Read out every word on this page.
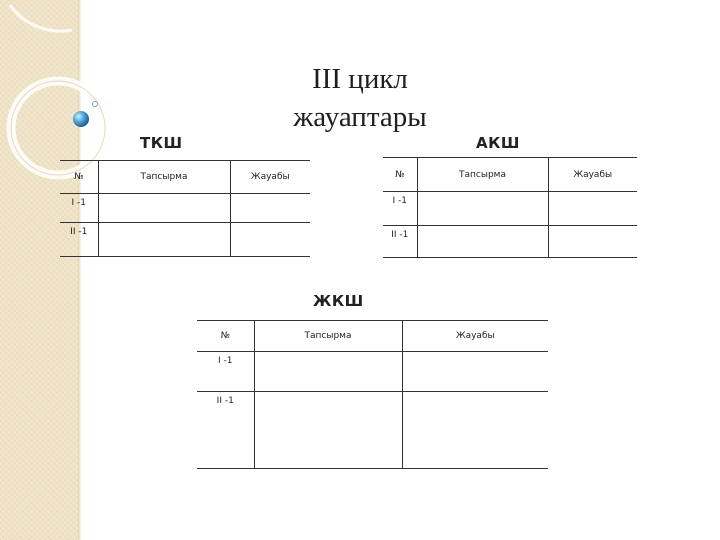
III цикл
жауаптары
ТКШ
№	Тапсырма	Жауабы
I -1		
II -1		
АКШ
№	Тапсырма	Жауабы
I -1		
II -1		
ЖКШ
№	Тапсырма	Жауабы
I -1		
II -1		
